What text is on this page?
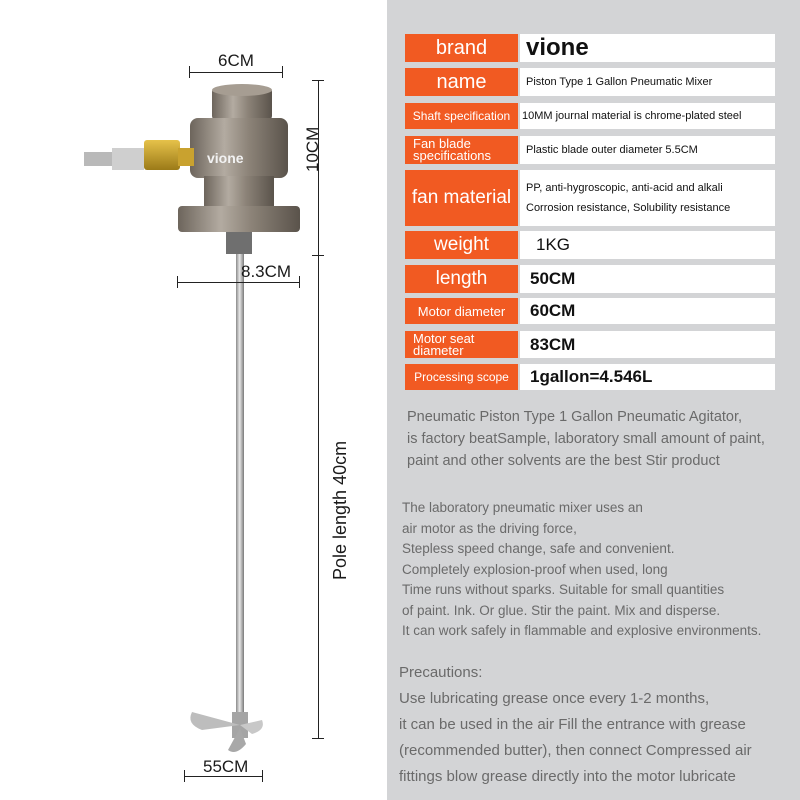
vione
6CM
10CM
Pole length 40cm
8.3CM
55CM
brand	vione
name	Piston Type 1 Gallon Pneumatic Mixer
Shaft specification	10MM journal material is chrome-plated steel
Fan blade
specifications	Plastic blade outer diameter 5.5CM
fan material	PP, anti-hygroscopic, anti-acid and alkali
Corrosion resistance, Solubility resistance
weight	1KG
length	50CM
Motor diameter	60CM
Motor seat
diameter	83CM
Processing scope	1gallon=4.546L
Pneumatic Piston Type 1 Gallon Pneumatic Agitator,
is factory beatSample, laboratory small amount of paint,
paint and other solvents are the best Stir product
The laboratory pneumatic mixer uses an
air motor as the driving force,
Stepless speed change, safe and convenient.
Completely explosion-proof when used, long
Time runs without sparks. Suitable for small quantities
of paint. Ink. Or glue. Stir the paint. Mix and disperse.
It can work safely in flammable and explosive environments.
Precautions:
Use lubricating grease once every 1-2 months,
it can be used in the air Fill the entrance with grease
(recommended butter), then connect Compressed air
fittings blow grease directly into the motor lubricate
